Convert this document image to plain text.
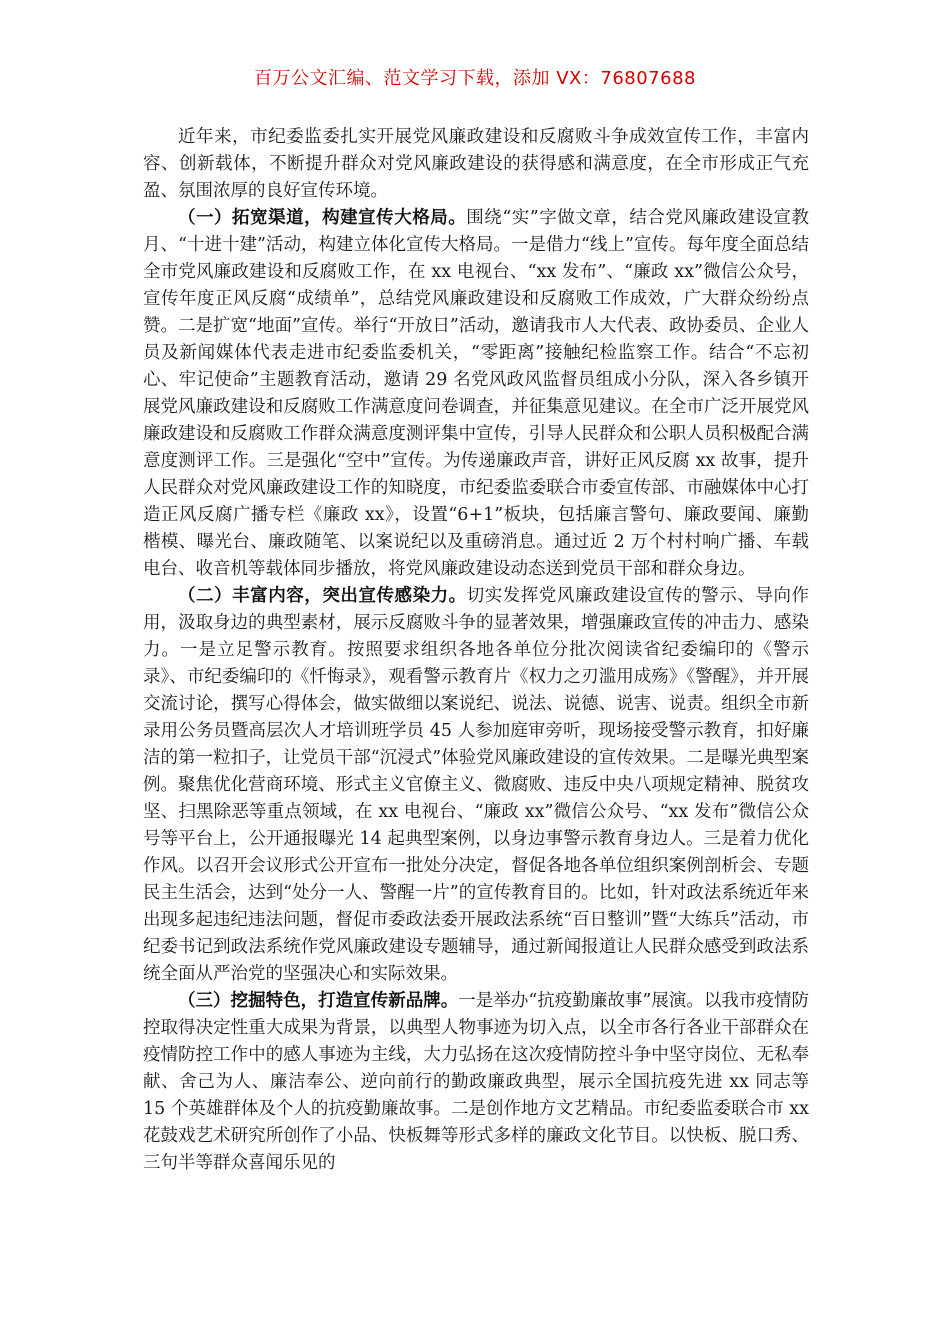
百万公文汇编、范文学习下载，添加 VX：76807688

近年来，市纪委监委扎实开展党风廉政建设和反腐败斗争成效宣传工作，丰富内容、创新载体，不断提升群众对党风廉政建设的获得感和满意度，在全市形成正气充盈、氛围浓厚的良好宣传环境。

（一）拓宽渠道，构建宣传大格局。围绕“实”字做文章，结合党风廉政建设宣教月、“十进十建”活动，构建立体化宣传大格局。一是借力“线上”宣传。每年度全面总结全市党风廉政建设和反腐败工作，在 xx 电视台、“xx 发布”、“廉政 xx”微信公众号，宣传年度正风反腐“成绩单”，总结党风廉政建设和反腐败工作成效，广大群众纷纷点赞。二是扩宽“地面”宣传。举行“开放日”活动，邀请我市人大代表、政协委员、企业人员及新闻媒体代表走进市纪委监委机关，“零距离”接触纪检监察工作。结合“不忘初心、牢记使命”主题教育活动，邀请 29 名党风政风监督员组成小分队，深入各乡镇开展党风廉政建设和反腐败工作满意度问卷调查，并征集意见建议。在全市广泛开展党风廉政建设和反腐败工作群众满意度测评集中宣传，引导人民群众和公职人员积极配合满意度测评工作。三是强化“空中”宣传。为传递廉政声音，讲好正风反腐 xx 故事，提升人民群众对党风廉政建设工作的知晓度，市纪委监委联合市委宣传部、市融媒体中心打造正风反腐广播专栏《廉政 xx》，设置“6+1”板块，包括廉言警句、廉政要闻、廉勤楷模、曝光台、廉政随笔、以案说纪以及重磅消息。通过近 2 万个村村响广播、车载电台、收音机等载体同步播放，将党风廉政建设动态送到党员干部和群众身边。

（二）丰富内容，突出宣传感染力。切实发挥党风廉政建设宣传的警示、导向作用，汲取身边的典型素材，展示反腐败斗争的显著效果，增强廉政宣传的冲击力、感染力。一是立足警示教育。按照要求组织各地各单位分批次阅读省纪委编印的《警示录》、市纪委编印的《忏悔录》，观看警示教育片《权力之刃滥用成殇》《警醒》，并开展交流讨论，撰写心得体会，做实做细以案说纪、说法、说德、说害、说责。组织全市新录用公务员暨高层次人才培训班学员 45 人参加庭审旁听，现场接受警示教育，扣好廉洁的第一粒扣子，让党员干部“沉浸式”体验党风廉政建设的宣传效果。二是曝光典型案例。聚焦优化营商环境、形式主义官僚主义、微腐败、违反中央八项规定精神、脱贫攻坚、扫黑除恶等重点领域，在 xx 电视台、“廉政 xx”微信公众号、“xx 发布”微信公众号等平台上，公开通报曝光 14 起典型案例，以身边事警示教育身边人。三是着力优化作风。以召开会议形式公开宣布一批处分决定，督促各地各单位组织案例剖析会、专题民主生活会，达到“处分一人、警醒一片”的宣传教育目的。比如，针对政法系统近年来出现多起违纪违法问题，督促市委政法委开展政法系统“百日整训”暨“大练兵”活动，市纪委书记到政法系统作党风廉政建设专题辅导，通过新闻报道让人民群众感受到政法系统全面从严治党的坚强决心和实际效果。

（三）挖掘特色，打造宣传新品牌。一是举办“抗疫勤廉故事”展演。以我市疫情防控取得决定性重大成果为背景，以典型人物事迹为切入点，以全市各行各业干部群众在疫情防控工作中的感人事迹为主线，大力弘扬在这次疫情防控斗争中坚守岗位、无私奉献、舍己为人、廉洁奉公、逆向前行的勤政廉政典型，展示全国抗疫先进 xx 同志等 15 个英雄群体及个人的抗疫勤廉故事。二是创作地方文艺精品。市纪委监委联合市 xx 花鼓戏艺术研究所创作了小品、快板舞等形式多样的廉政文化节目。以快板、脱口秀、三句半等群众喜闻乐见的
